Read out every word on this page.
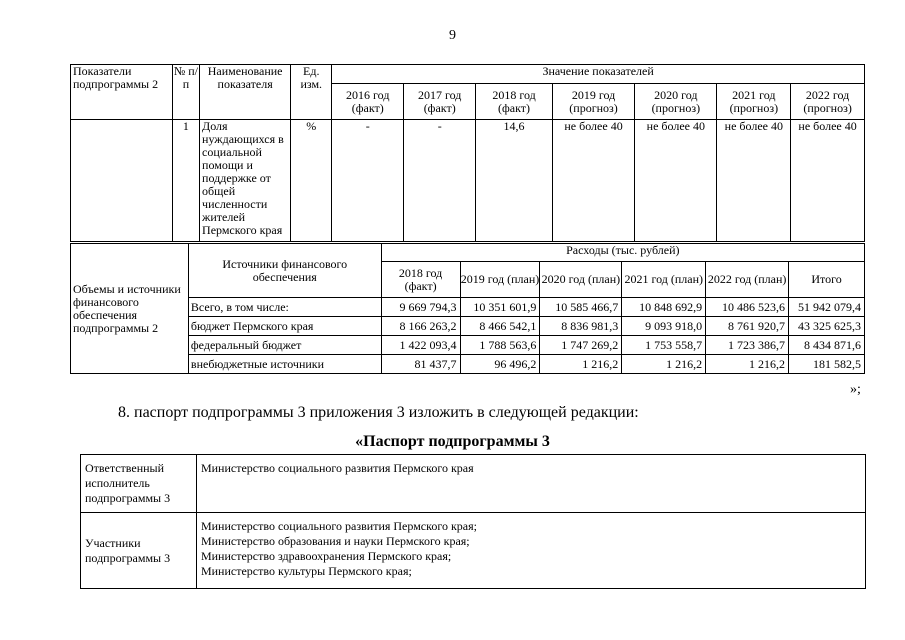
9
Показатели подпрограммы 2	№ п/п	Наименование показателя	Ед. изм.	Значение показателей						
				2016 год (факт)	2017 год (факт)	2018 год (факт)	2019 год (прогноз)	2020 год (прогноз)	2021 год (прогноз)	2022 год (прогноз)
	1	Доля нуждающихся в социальной помощи и поддержке от общей численности жителей Пермского края	%	-	-	14,6	не более 40	не более 40	не более 40	не более 40
Объемы и источники финансового обеспечения подпрограммы 2	Источники финансового обеспечения	Расходы (тыс. рублей)					
		2018 год (факт)	2019 год (план)	2020 год (план)	2021 год (план)	2022 год (план)	Итого
	Всего, в том числе:	9 669 794,3	10 351 601,9	10 585 466,7	10 848 692,9	10 486 523,6	51 942 079,4
	бюджет Пермского края	8 166 263,2	8 466 542,1	8 836 981,3	9 093 918,0	8 761 920,7	43 325 625,3
	федеральный бюджет	1 422 093,4	1 788 563,6	1 747 269,2	1 753 558,7	1 723 386,7	8 434 871,6
	внебюджетные источники	81 437,7	96 496,2	1 216,2	1 216,2	1 216,2	181 582,5
»;
8. паспорт подпрограммы 3 приложения 3 изложить в следующей редакции:
«Паспорт подпрограммы 3
Ответственный исполнитель подпрограммы 3	Министерство социального развития Пермского края
Участники подпрограммы 3	Министерство социального развития Пермского края;
Министерство образования и науки Пермского края;
Министерство здравоохранения Пермского края;
Министерство культуры Пермского края;
